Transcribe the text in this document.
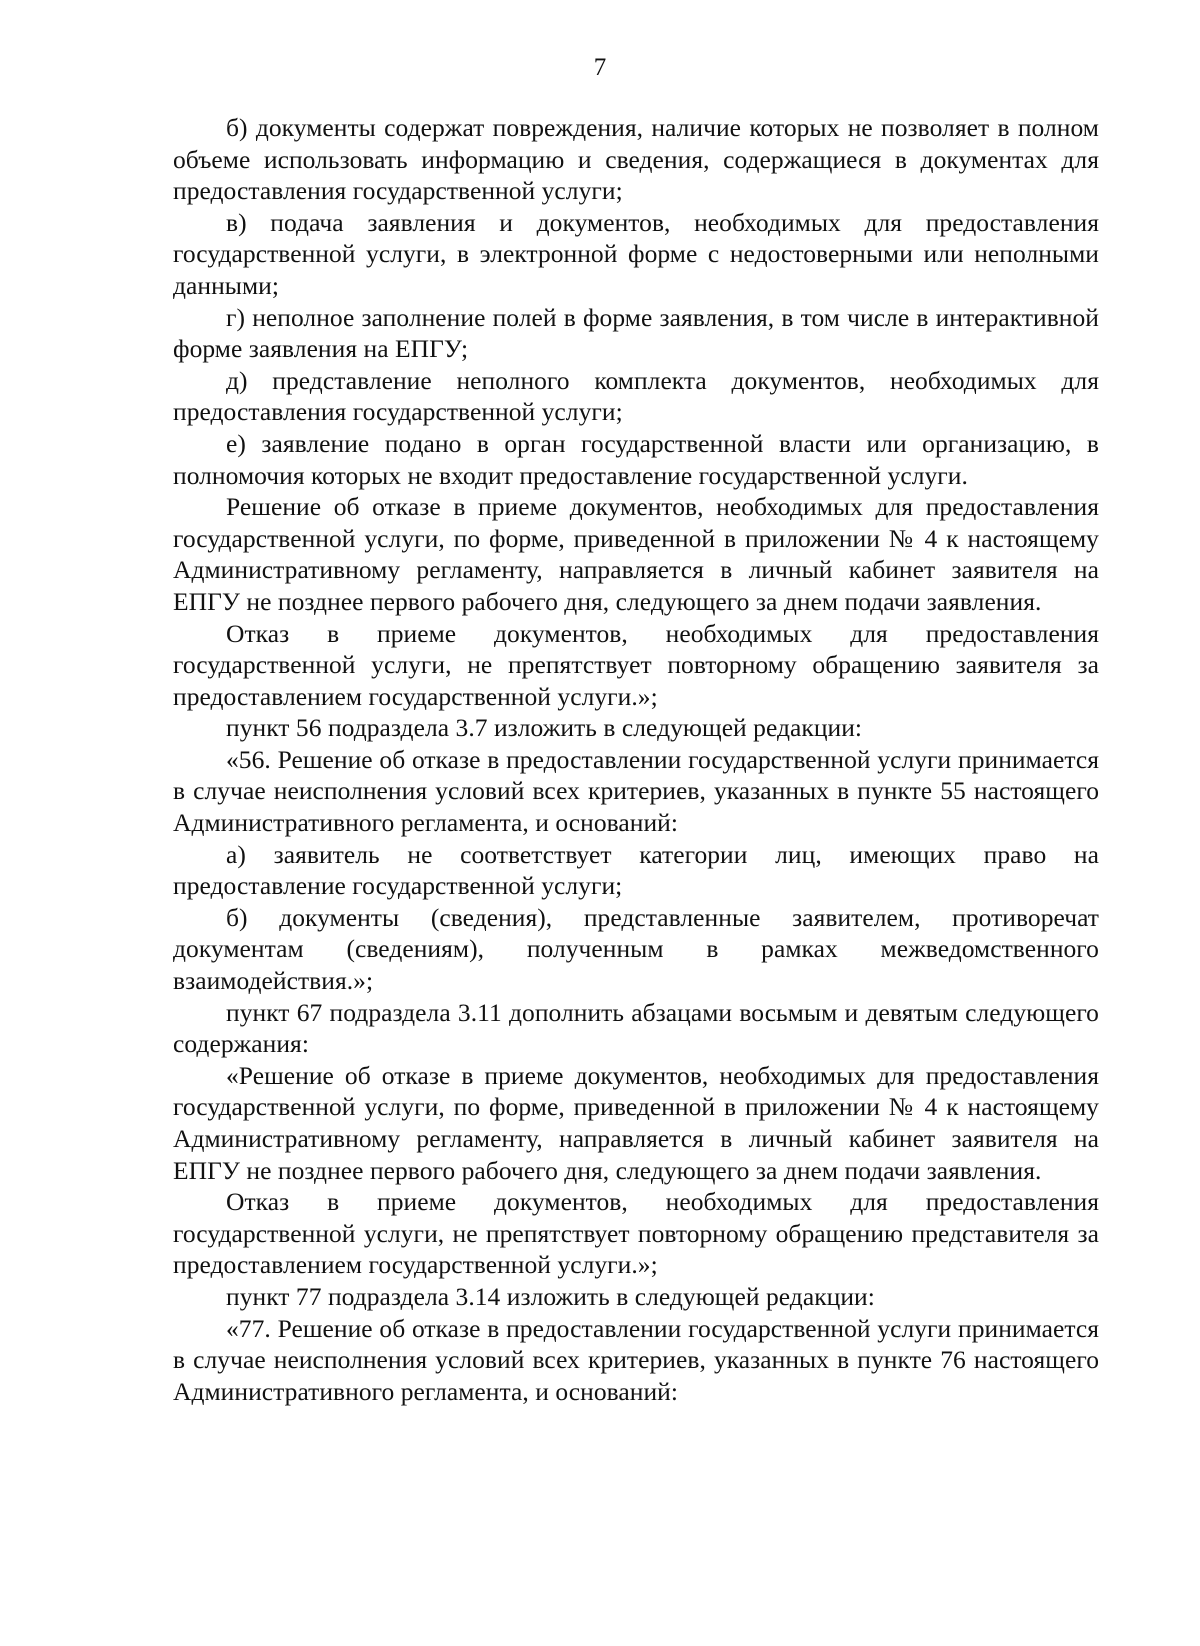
7

б) документы содержат повреждения, наличие которых не позволяет в полном объеме использовать информацию и сведения, содержащиеся в документах для предоставления государственной услуги;

в) подача заявления и документов, необходимых для предоставления государственной услуги, в электронной форме с недостоверными или неполными данными;

г) неполное заполнение полей в форме заявления, в том числе в интерактивной форме заявления на ЕПГУ;

д) представление неполного комплекта документов, необходимых для предоставления государственной услуги;

е) заявление подано в орган государственной власти или организацию, в полномочия которых не входит предоставление государственной услуги.

Решение об отказе в приеме документов, необходимых для предоставления государственной услуги, по форме, приведенной в приложении № 4 к настоящему Административному регламенту, направляется в личный кабинет заявителя на ЕПГУ не позднее первого рабочего дня, следующего за днем подачи заявления.

Отказ в приеме документов, необходимых для предоставления государственной услуги, не препятствует повторному обращению заявителя за предоставлением государственной услуги.»;

пункт 56 подраздела 3.7 изложить в следующей редакции:

«56. Решение об отказе в предоставлении государственной услуги принимается в случае неисполнения условий всех критериев, указанных в пункте 55 настоящего Административного регламента, и оснований:

а) заявитель не соответствует категории лиц, имеющих право на предоставление государственной услуги;

б) документы (сведения), представленные заявителем, противоречат документам (сведениям), полученным в рамках межведомственного взаимодействия.»;

пункт 67 подраздела 3.11 дополнить абзацами восьмым и девятым следующего содержания:

«Решение об отказе в приеме документов, необходимых для предоставления государственной услуги, по форме, приведенной в приложении № 4 к настоящему Административному регламенту, направляется в личный кабинет заявителя на ЕПГУ не позднее первого рабочего дня, следующего за днем подачи заявления.

Отказ в приеме документов, необходимых для предоставления государственной услуги, не препятствует повторному обращению представителя за предоставлением государственной услуги.»;

пункт 77 подраздела 3.14 изложить в следующей редакции:

«77. Решение об отказе в предоставлении государственной услуги принимается в случае неисполнения условий всех критериев, указанных в пункте 76 настоящего Административного регламента, и оснований:
